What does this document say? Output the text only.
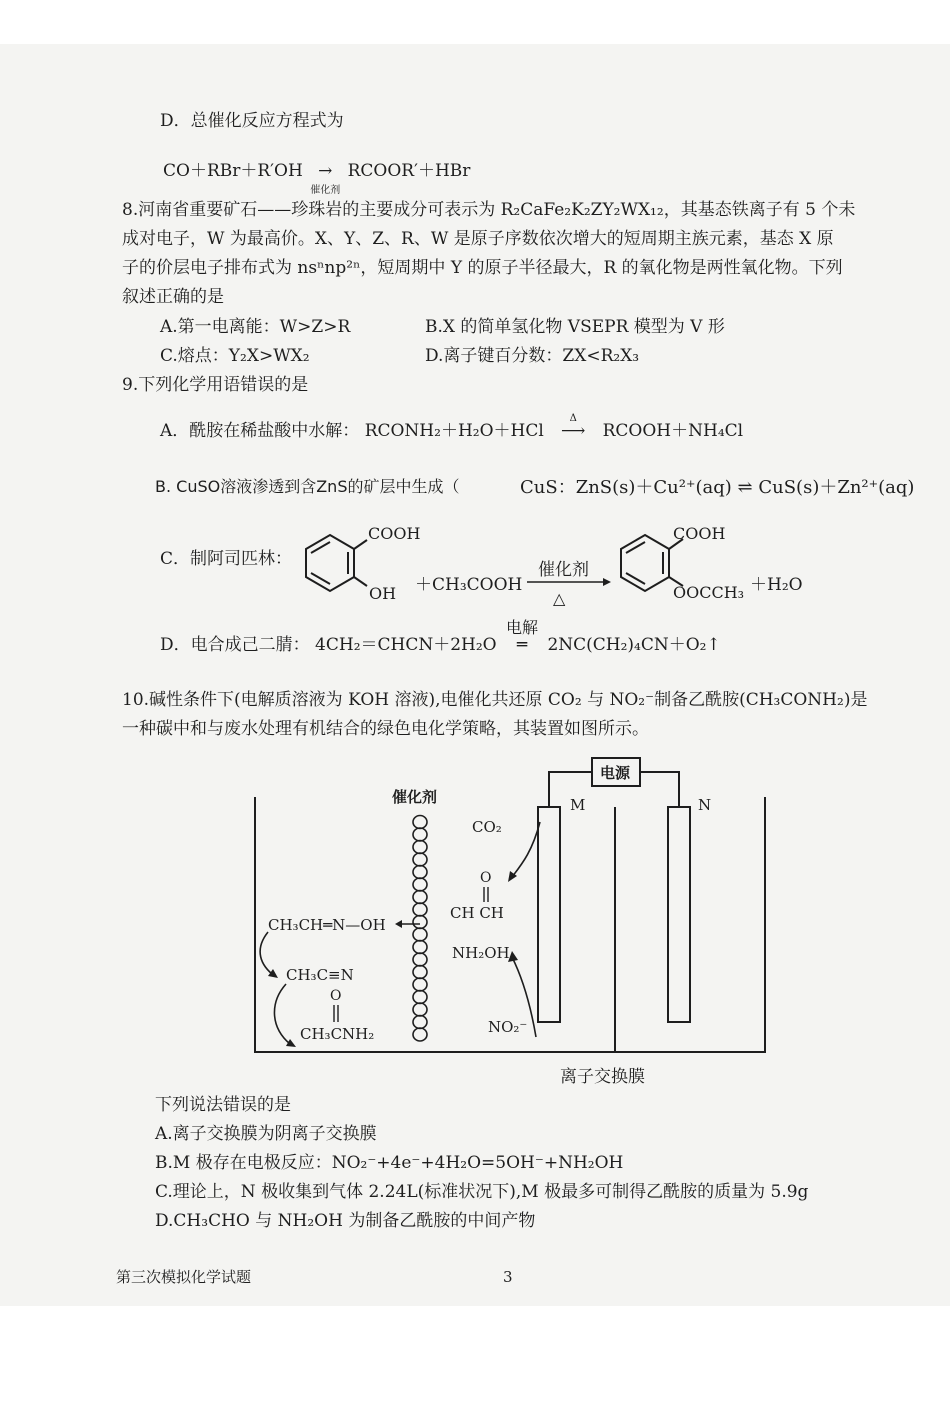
D．总催化反应方程式为
CO＋RBr＋R′OH →
催化剂
RCOOR′＋HBr
8.河南省重要矿石——珍珠岩的主要成分可表示为 R₂CaFe₂K₂ZY₂WX₁₂，其基态铁离子有 5 个未
成对电子，W 为最高价。X、Y、Z、R、W 是原子序数依次增大的短周期主族元素，基态 X 原
子的价层电子排布式为 nsⁿnp²ⁿ，短周期中 Y 的原子半径最大，R 的氧化物是两性氧化物。下列
叙述正确的是
A.第一电离能：W>Z>R	B.X 的简单氢化物 VSEPR 模型为 V 形
C.熔点：Y₂X>WX₂	D.离子键百分数：ZX<R₂X₃
9.下列化学用语错误的是
A．酰胺在稀盐酸中水解： RCONH₂＋H₂O＋HCl ⟶
Δ
RCOOH＋NH₄Cl
B. CuSO溶液渗透到含ZnS的矿层中生成（	CuS：ZnS(s)＋Cu²⁺(aq) ⇌ CuS(s)＋Zn²⁺(aq)
C．制阿司匹林：
COOH
OH ＋CH₃COOH
催化剂
△
COOH
OOCCH₃ ＋H₂O
D．电合成己二腈： 4CH₂＝CHCN＋2H₂O ═
电解
2NC(CH₂)₄CN＋O₂↑
10.碱性条件下(电解质溶液为 KOH 溶液),电催化共还原 CO₂ 与 NO₂⁻制备乙酰胺(CH₃CONH₂)是
一种碳中和与废水处理有机结合的绿色电化学策略，其装置如图所示。
电源
M	N
催化剂
CO₂
O
CH CH
NH₂OH
NO₂⁻
CH₃CH═N—OH
CH₃C≡N
O
CH₃CNH₂
离子交换膜
下列说法错误的是
A.离子交换膜为阴离子交换膜
B.M 极存在电极反应：NO₂⁻+4e⁻+4H₂O=5OH⁻+NH₂OH
C.理论上，N 极收集到气体 2.24L(标准状况下),M 极最多可制得乙酰胺的质量为 5.9g
D.CH₃CHO 与 NH₂OH 为制备乙酰胺的中间产物
第三次模拟化学试题	3
